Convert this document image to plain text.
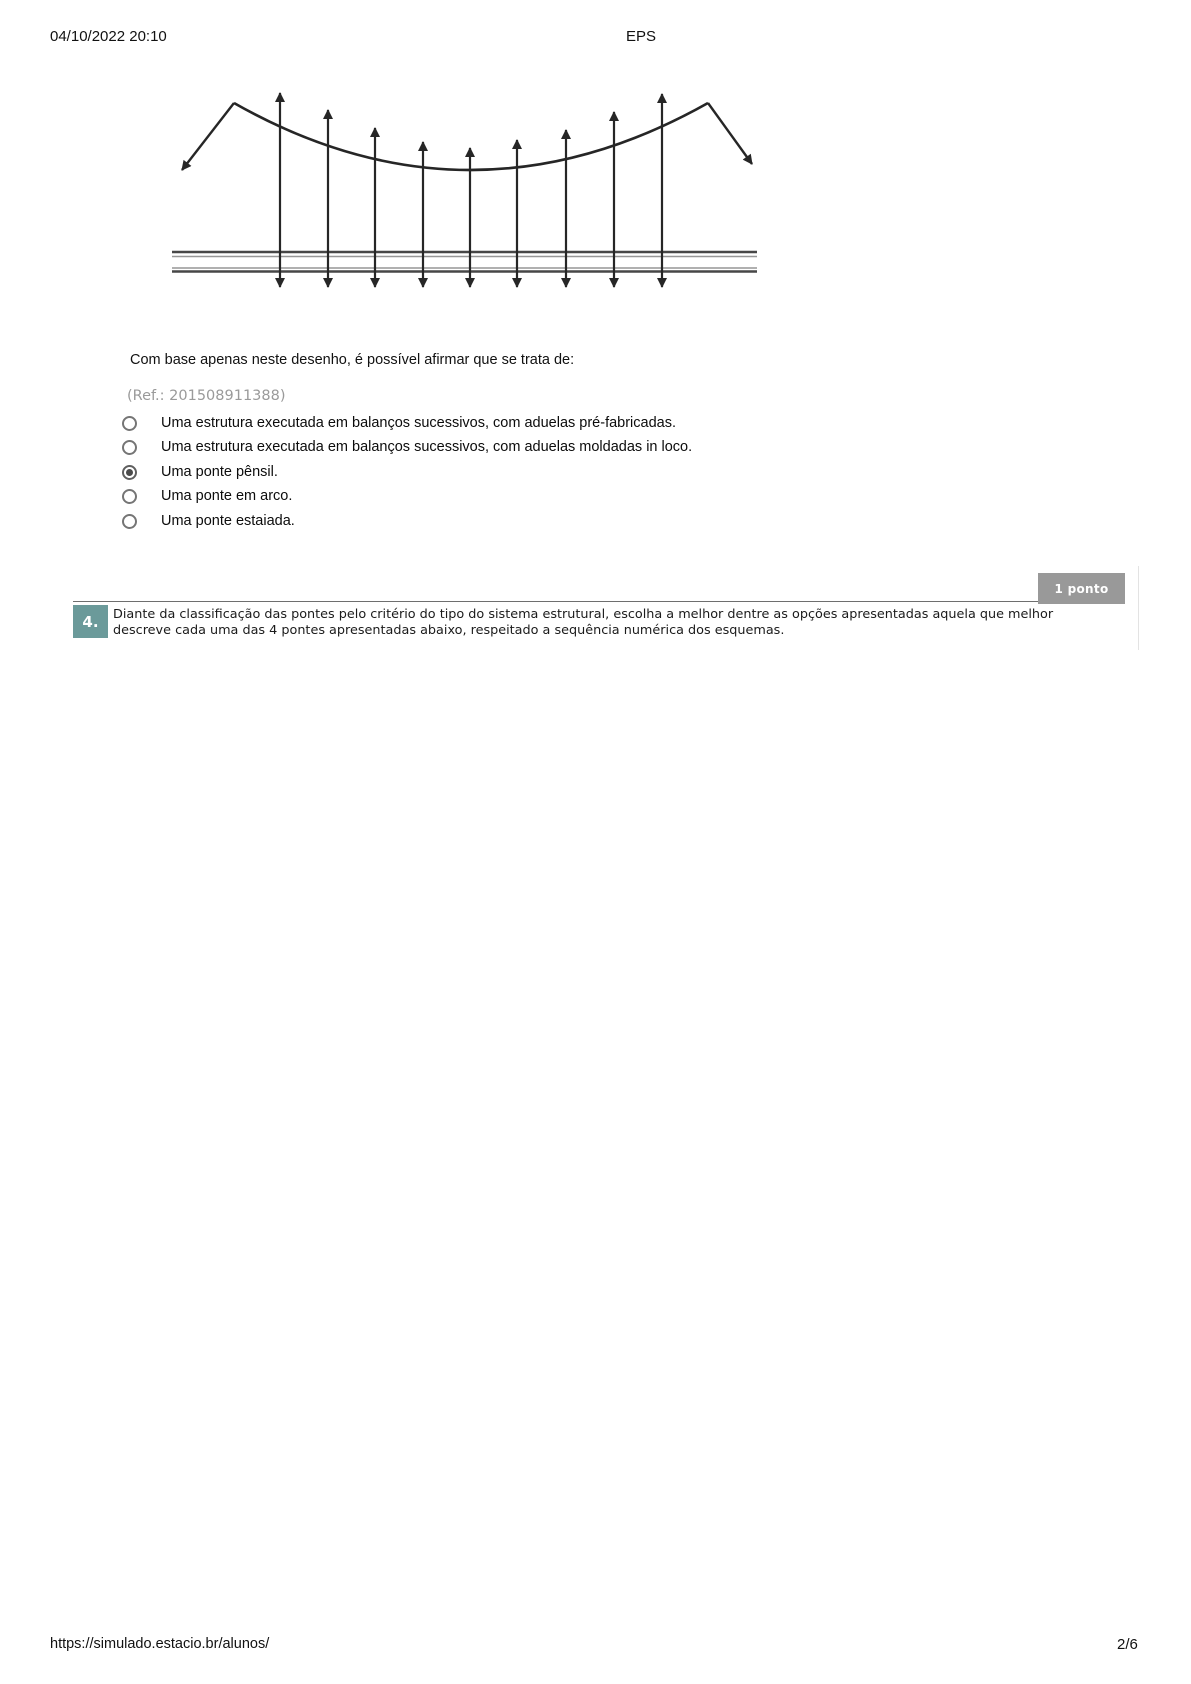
04/10/2022 20:10	EPS
Com base apenas neste desenho, é possível afirmar que se trata de:
(Ref.: 201508911388)
Uma estrutura executada em balanços sucessivos, com aduelas pré-fabricadas.
Uma estrutura executada em balanços sucessivos, com aduelas moldadas in loco.
Uma ponte pênsil.
Uma ponte em arco.
Uma ponte estaiada.
1 ponto
4.	Diante da classificação das pontes pelo critério do tipo do sistema estrutural, escolha a melhor dentre as opções apresentadas aquela que melhor
descreve cada uma das 4 pontes apresentadas abaixo, respeitado a sequência numérica dos esquemas.
https://simulado.estacio.br/alunos/	2/6
